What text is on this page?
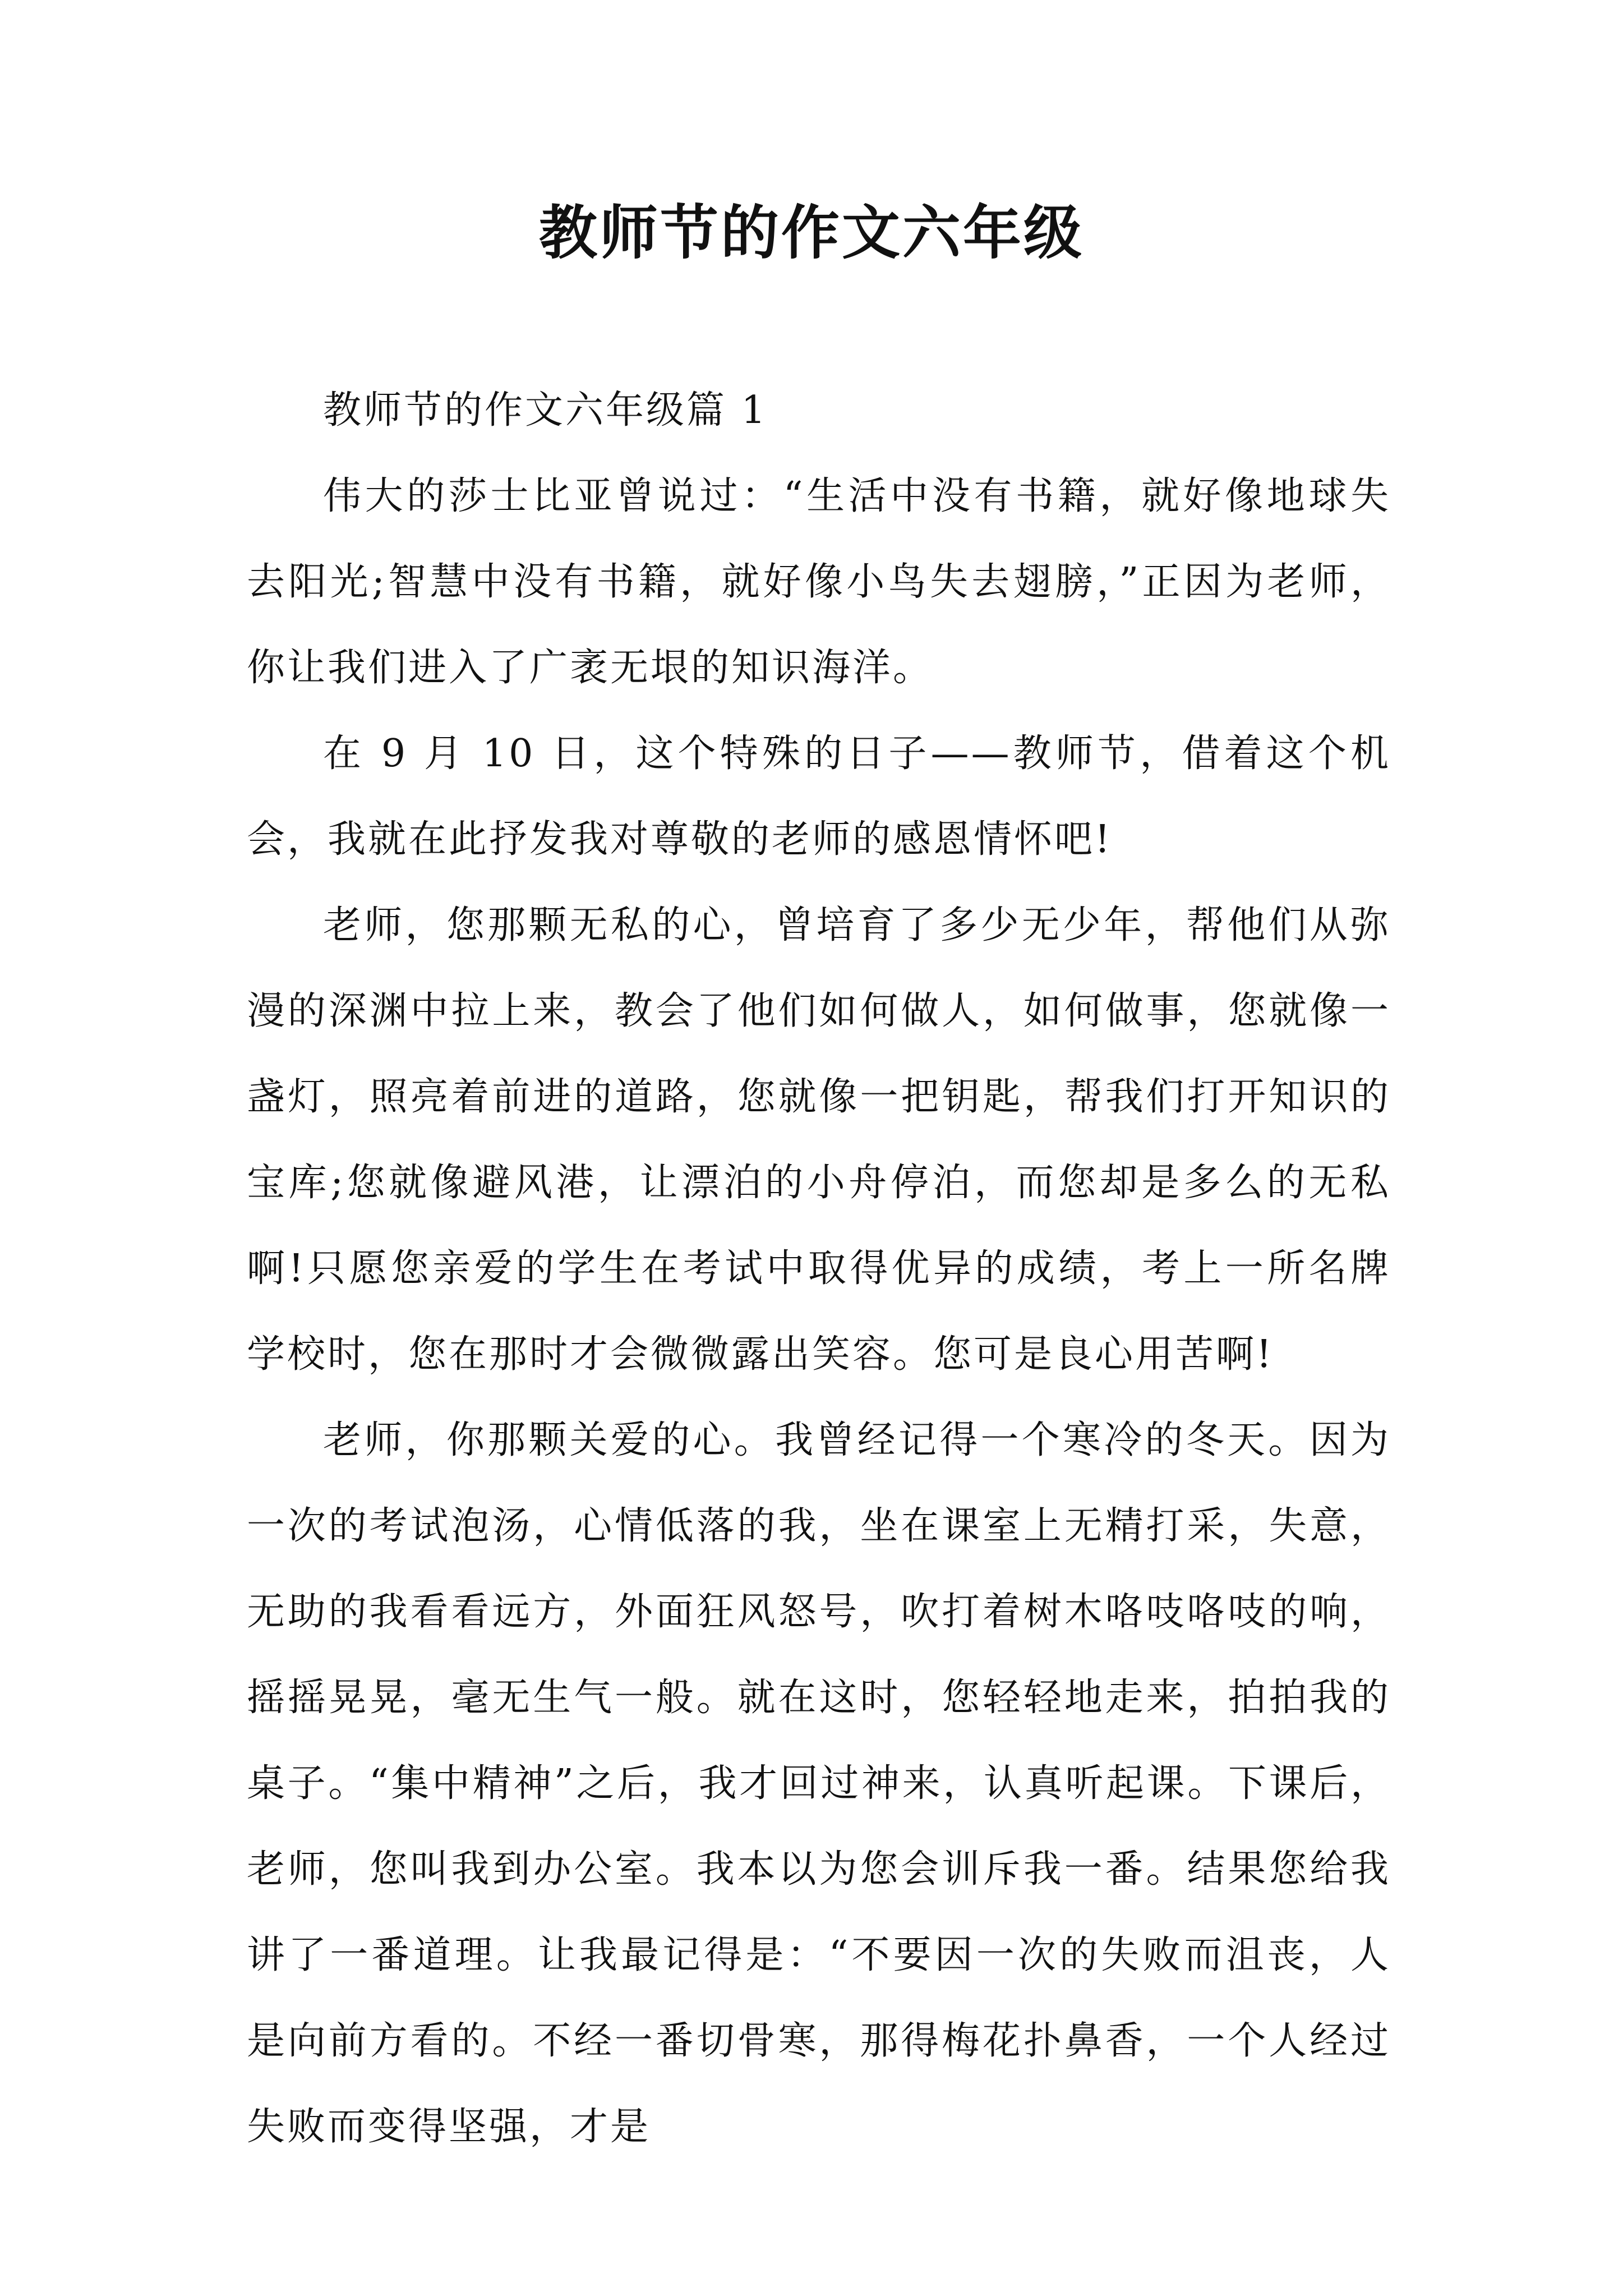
教师节的作文六年级

教师节的作文六年级篇 1

伟大的莎士比亚曾说过：“生活中没有书籍，就好像地球失去阳光;智慧中没有书籍，就好像小鸟失去翅膀，”正因为老师，你让我们进入了广袤无垠的知识海洋。

在 9 月 10 日，这个特殊的日子——教师节，借着这个机会，我就在此抒发我对尊敬的老师的感恩情怀吧!

老师，您那颗无私的心，曾培育了多少无少年，帮他们从弥漫的深渊中拉上来，教会了他们如何做人，如何做事，您就像一盏灯，照亮着前进的道路，您就像一把钥匙，帮我们打开知识的宝库;您就像避风港，让漂泊的小舟停泊，而您却是多么的无私啊!只愿您亲爱的学生在考试中取得优异的成绩，考上一所名牌学校时，您在那时才会微微露出笑容。您可是良心用苦啊!

老师，你那颗关爱的心。我曾经记得一个寒冷的冬天。因为一次的考试泡汤，心情低落的我，坐在课室上无精打采，失意，无助的我看看远方，外面狂风怒号，吹打着树木咯吱咯吱的响，摇摇晃晃，毫无生气一般。就在这时，您轻轻地走来，拍拍我的桌子。“集中精神”之后，我才回过神来，认真听起课。下课后，老师，您叫我到办公室。我本以为您会训斥我一番。结果您给我讲了一番道理。让我最记得是：“不要因一次的失败而沮丧，人是向前方看的。不经一番切骨寒，那得梅花扑鼻香，一个人经过失败而变得坚强，才是
